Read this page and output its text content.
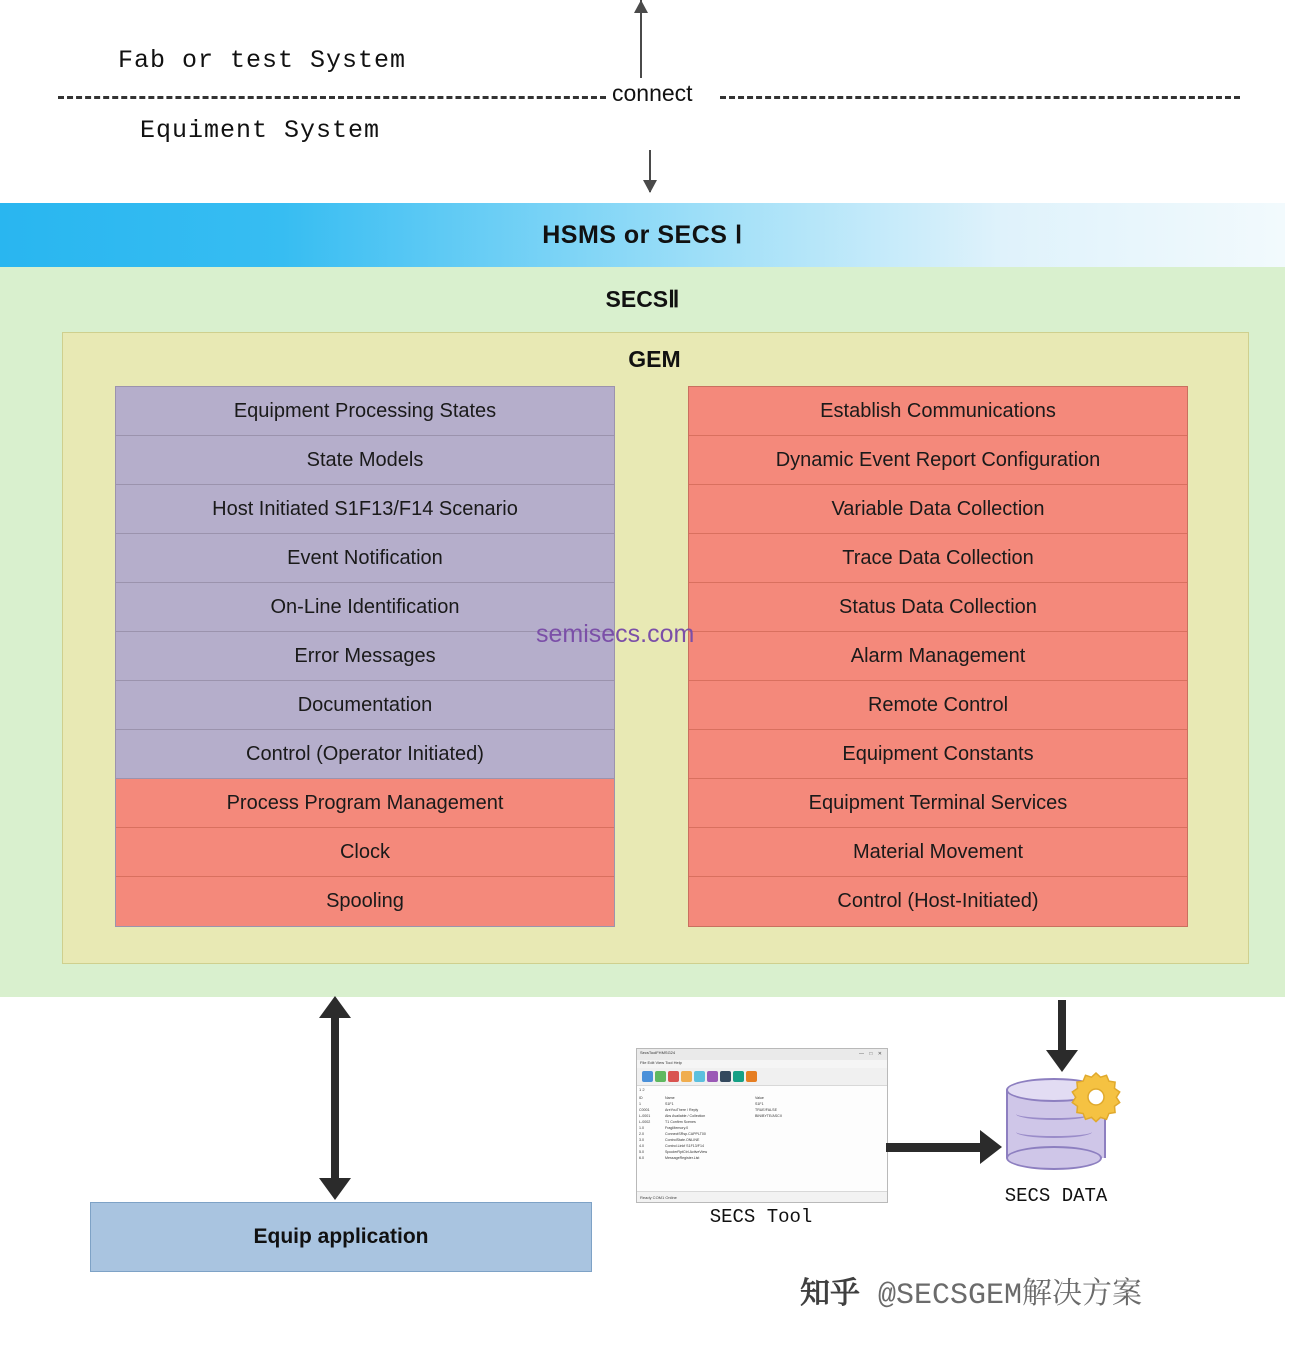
Fab or test System
Equiment System
connect
HSMS or SECS Ⅰ
SECSⅡ
GEM
Equipment Processing States
State Models
Host Initiated S1F13/F14 Scenario
Event Notification
On-Line Identification
Error Messages
Documentation
Control (Operator Initiated)
Process Program Management
Clock
Spooling
Establish Communications
Dynamic Event Report Configuration
Variable Data Collection
Trace Data Collection
Status Data Collection
Alarm Management
Remote Control
Equipment Constants
Equipment Terminal Services
Material Movement
Control (Host-Initiated)
semisecs.com
Equip application
SecsToolFHMSG24	— □ ✕
File Edit View Tool Help
1 2
ID	Name	Value
1	S1F1	S1F1
C0001	AreYouThere / Reply	TRUE/FALSE
L-0001	Abs Available / Collection	BIN/BYTE/ASCII
L-0002	T1 Confirm Scenes
1.0	FragMemory.0
2.0	ConnectSRsp.CAPPLT00
3.0	ControlState.ONLINE
4.0	Control.Linkf S1F13/F14
5.0	SpoolerRptCtrl.ActiveView
6.0	MessageRegister.List
Ready COM1 Online
SECS Tool
SECS DATA
知乎 @SECSGEM解决方案
